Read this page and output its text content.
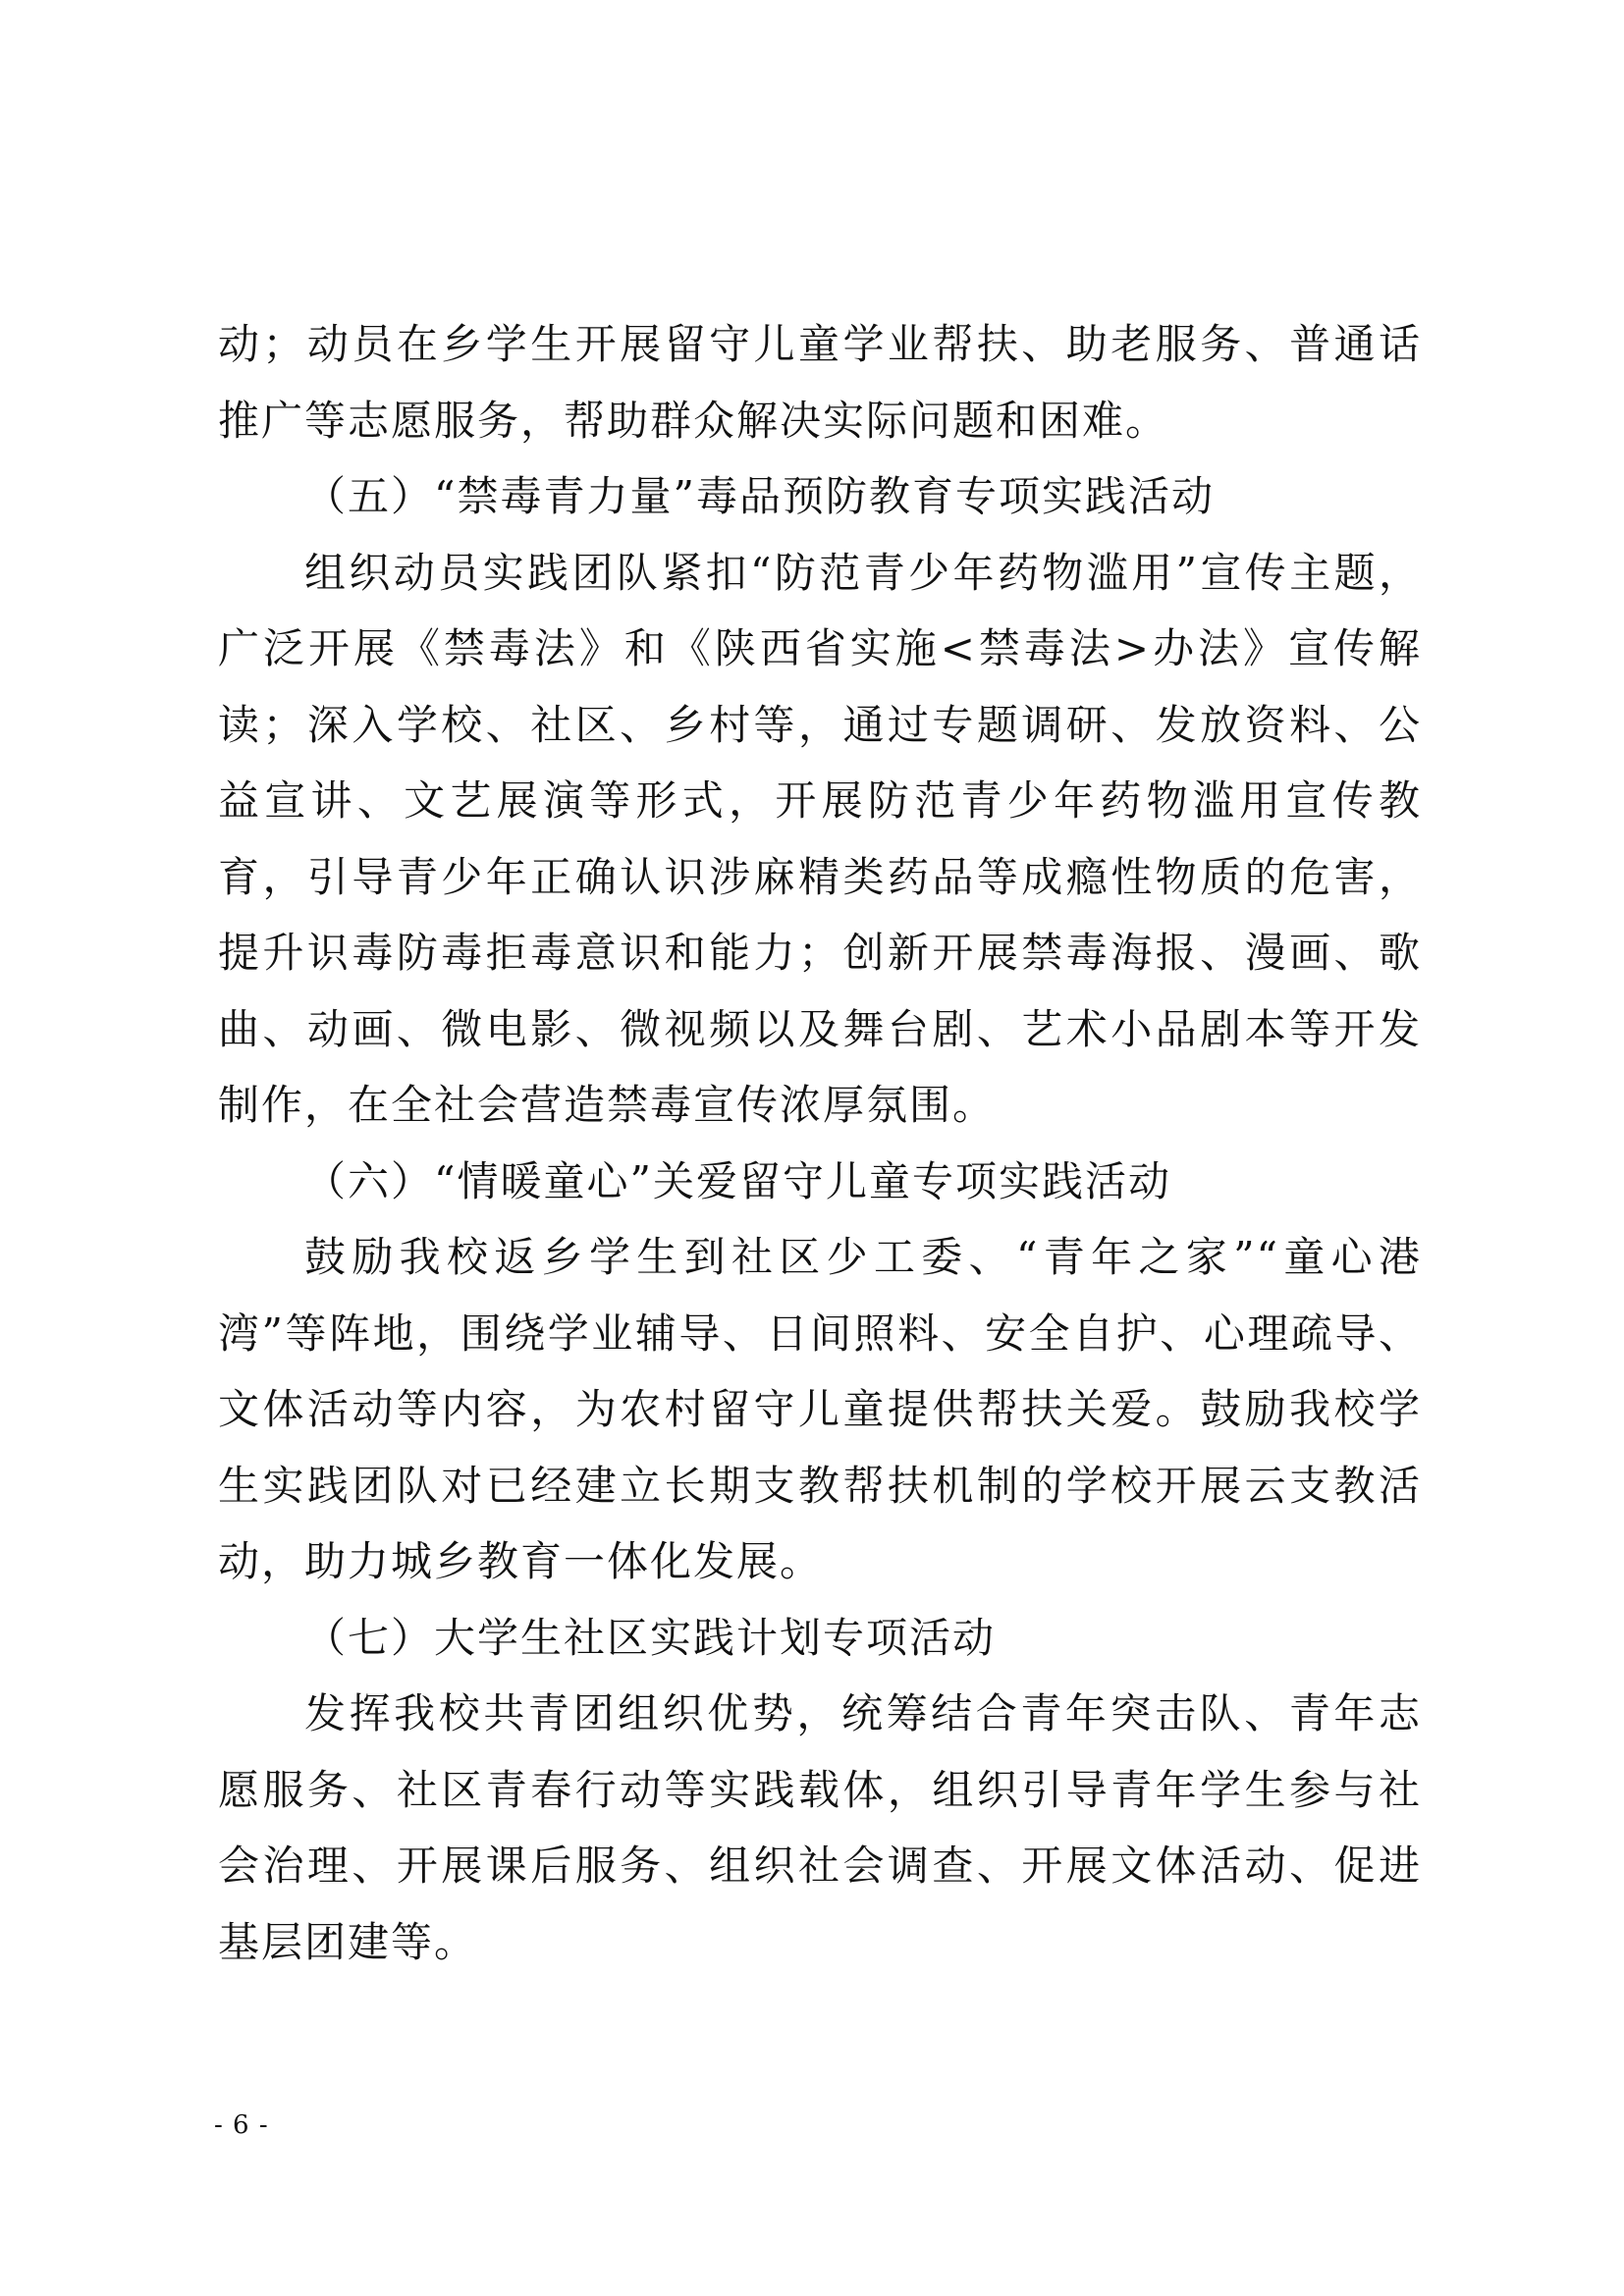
动；动员在乡学生开展留守儿童学业帮扶、助老服务、普通话推广等志愿服务，帮助群众解决实际问题和困难。

（五）“禁毒青力量”毒品预防教育专项实践活动

组织动员实践团队紧扣“防范青少年药物滥用”宣传主题，广泛开展《禁毒法》和《陕西省实施<禁毒法>办法》宣传解读；深入学校、社区、乡村等，通过专题调研、发放资料、公益宣讲、文艺展演等形式，开展防范青少年药物滥用宣传教育，引导青少年正确认识涉麻精类药品等成瘾性物质的危害，提升识毒防毒拒毒意识和能力；创新开展禁毒海报、漫画、歌曲、动画、微电影、微视频以及舞台剧、艺术小品剧本等开发制作，在全社会营造禁毒宣传浓厚氛围。

（六）“情暖童心”关爱留守儿童专项实践活动

鼓励我校返乡学生到社区少工委、“青年之家”“童心港湾”等阵地，围绕学业辅导、日间照料、安全自护、心理疏导、文体活动等内容，为农村留守儿童提供帮扶关爱。鼓励我校学生实践团队对已经建立长期支教帮扶机制的学校开展云支教活动，助力城乡教育一体化发展。

（七）大学生社区实践计划专项活动

发挥我校共青团组织优势，统筹结合青年突击队、青年志愿服务、社区青春行动等实践载体，组织引导青年学生参与社会治理、开展课后服务、组织社会调查、开展文体活动、促进基层团建等。

- 6 -
